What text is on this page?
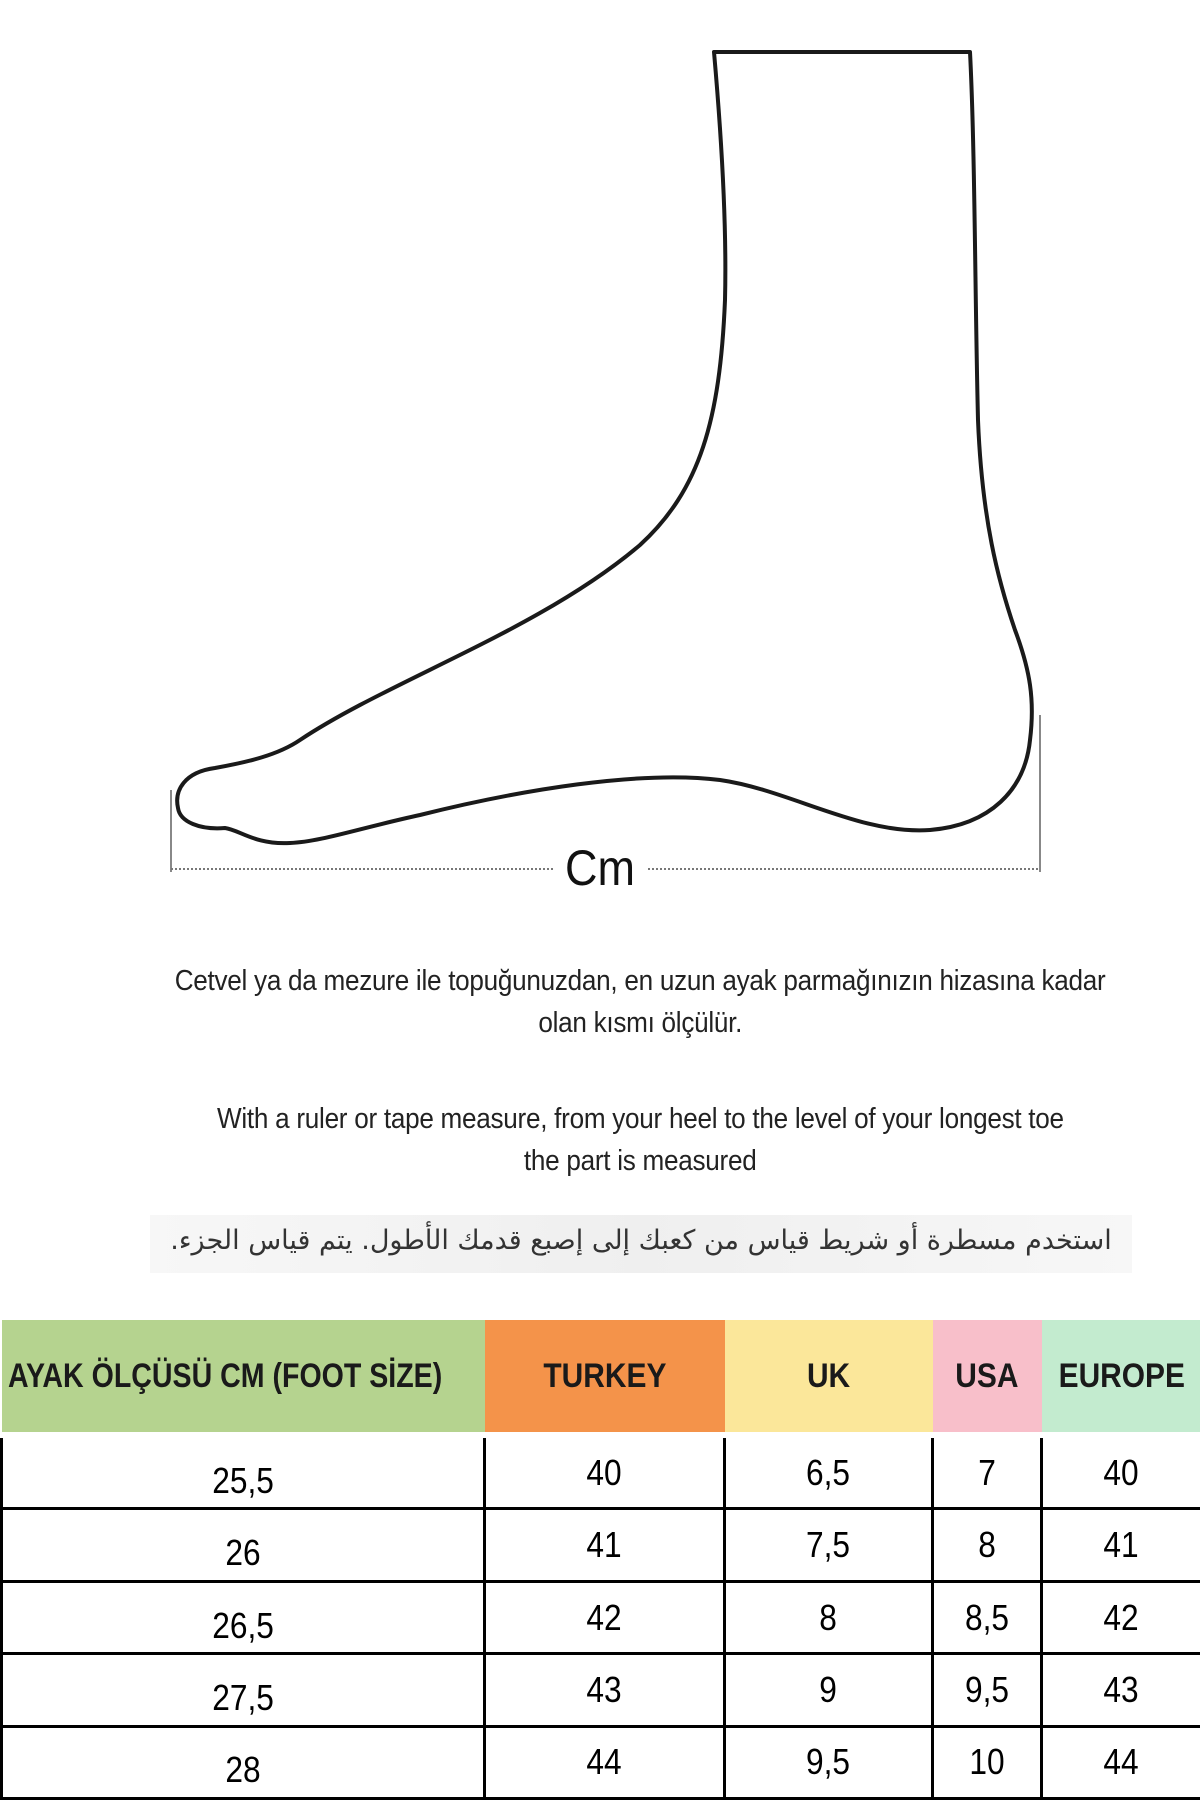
Cm
Cetvel ya da mezure ile topuğunuzdan, en uzun ayak parmağınızın hizasına kadar
olan kısmı ölçülür.
With a ruler or tape measure, from your heel to the level of your longest toe
the part is measured
استخدم مسطرة أو شريط قياس من كعبك إلى إصبع قدمك الأطول. يتم قياس الجزء.
AYAK ÖLÇÜSÜ CM (FOOT SİZE)	TURKEY	UK	USA	EUROPE
25,5	40	6,5	7	40
26	41	7,5	8	41
26,5	42	8	8,5	42
27,5	43	9	9,5	43
28	44	9,5	10	44
